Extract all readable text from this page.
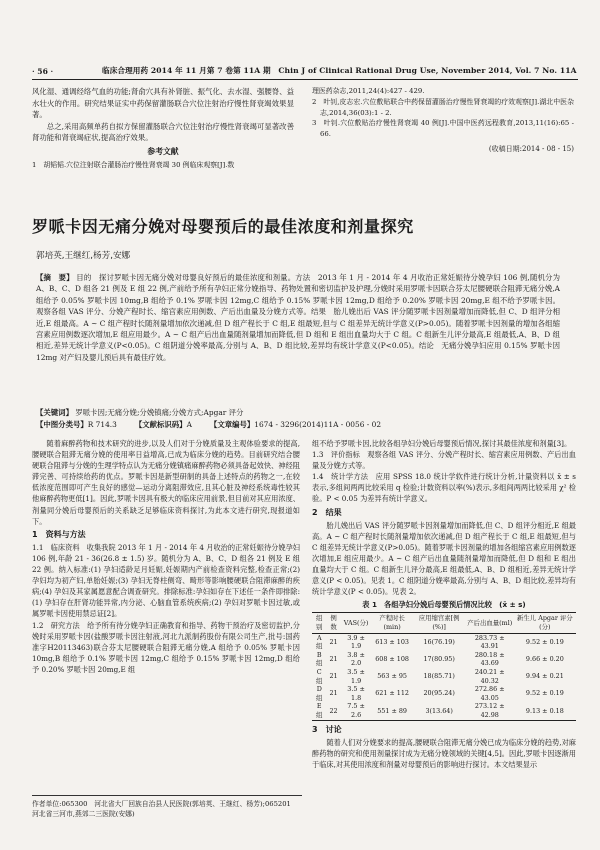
· 56 ·	临床合理用药 2014 年 11 月第 7 卷第 11A 期　Chin J of Clinical Rational Drug Use, November 2014, Vol. 7 No. 11A

风化湿、通调经络气血的功能;肾俞穴具有补肾脏、振气化、去水湿、强腰脊、益水壮火的作用。研究结果证实中药保留灌肠联合穴位注射治疗慢性肾衰竭效果显著。

总之,采用高频单药自拟方保留灌肠联合穴位注射治疗慢性肾衰竭可显著改善肾功能和肾衰竭症状,提高治疗效果。

参考文献
1　胡韬韬.穴位注射联合灌肠治疗慢性肾衰竭 30 例临床观察[J].数
理医药杂志,2011,24(4):427 - 429.
2　叶钊,皮志宏.穴位敷贴联合中药保留灌肠治疗慢性肾衰竭的疗效观察[J].湖北中医杂志,2014,36(03):1 - 2.
3　叶钊.穴位敷贴治疗慢性肾衰竭 40 例[J].中国中医药远程教育,2013,11(16):65 - 66.
(收稿日期:2014 - 08 - 15)
罗哌卡因无痛分娩对母婴预后的最佳浓度和剂量探究
郭培英,王继红,杨芳,安娜
【摘　要】 目的　探讨罗哌卡因无痛分娩对母婴良好预后的最佳浓度和剂量。方法　2013 年 1 月 - 2014 年 4 月收治正常妊娠待分娩孕妇 106 例,随机分为 A、B、C、D 组各 21 例及 E 组 22 例,产前给予所有孕妇正常分娩指导、药物处置和密切监护及护理,分娩时采用罗哌卡因联合芬太尼腰硬联合阻滞无痛分娩,A 组给予 0.05% 罗哌卡因 10mg,B 组给予 0.1% 罗哌卡因 12mg,C 组给予 0.15% 罗哌卡因 12mg,D 组给予 0.20% 罗哌卡因 20mg,E 组不给予罗哌卡因。观察各组 VAS 评分、分娩产程时长、缩宫素应用例数、产后出血量及分娩方式等。结果　胎儿娩出后 VAS 评分随罗哌卡因剂量增加而降低,但 C、D 组评分相近,E 组最高。A ~ C 组产程时长随剂量增加依次递减,但 D 组产程长于 C 组,E 组最短,但与 C 组差异无统计学意义(P>0.05)。随着罗哌卡因剂量的增加各组缩宫素应用例数逐次增加,E 组应用最少。A ~ C 组产后出血量随剂量增加而降低,但 D 组和 E 组出血量均大于 C 组。C 组新生儿评分最高,E 组最低,A、B、D 组相近,差异无统计学意义(P<0.05)。C 组阴道分娩率最高,分别与 A、B、D 组比较,差异均有统计学意义(P<0.05)。结论　无痛分娩孕妇应用 0.15% 罗哌卡因 12mg 对产妇及婴儿预后具有最佳疗效。
【关键词】 罗哌卡因;无痛分娩;分娩镇痛;分娩方式;Apgar 评分
【中图分类号】R 714.3 【文献标识码】A 【文章编号】1674 - 3296(2014)11A - 0056 - 02

随着麻醉药物和技术研究的进步,以及人们对于分娩质量及主观体验要求的提高,腰硬联合阻滞无痛分娩的使用率日益增高,已成为临床分娩的趋势。目前研究结合腰硬联合阻滞与分娩的生理学特点认为无痛分娩镇痛麻醉药物必须具备起效快、神经阻滞完善、可持续给药的优点。罗哌卡因是新型研制的具备上述特点的药物之一,在较低浓度范围即可产生良好的感觉—运动分离阻滞效应,且其心脏及神经系统毒性较其他麻醉药物更低[1]。因此,罗哌卡因具有极大的临床应用前景,但目前对其应用浓度、剂量同分娩后母婴预后的关系缺乏足够临床资料探讨,为此本文进行研究,现报道如下。

1　资料与方法

1.1　临床资料　收集我院 2013 年 1 月 - 2014 年 4 月收治的正常妊娠待分娩孕妇 106 例,年龄 21 - 36(26.8 ± 1.5) 岁。随机分为 A、B、C、D 组各 21 例及 E 组 22 例。纳入标准:(1) 孕妇适龄足月妊娠,妊娠期内产前检查资料完整,检查正常;(2) 孕妇均为初产妇,单胎妊娠;(3) 孕妇无脊柱侧弯、畸形等影响腰硬联合阻滞麻醉的疾病;(4) 孕妇及其家属愿意配合调查研究。排除标准:孕妇如存在下述任一条件即排除:(1) 孕妇存在肝肾功能异常,内分泌、心脑血管系统疾病;(2) 孕妇对罗哌卡因过敏,或属罗哌卡因使用禁忌证[2]。

1.2　研究方法　给予所有待分娩孕妇正确教育和指导、药物干预治疗及密切监护,分娩时采用罗哌卡因(盐酸罗哌卡因注射液,河北九派制药股份有限公司生产,批号:国药准字H20113463)联合芬太尼腰硬联合阻滞无痛分娩,A 组给予 0.05% 罗哌卡因 10mg,B 组给予 0.1% 罗哌卡因 12mg,C 组给予 0.15% 罗哌卡因 12mg,D 组给予 0.20% 罗哌卡因 20mg,E 组

组不给予罗哌卡因,比较各组孕妇分娩后母婴预后情况,探讨其最佳浓度和剂量[3]。

1.3　评价指标　观察各组 VAS 评分、分娩产程时长、缩宫素应用例数、产后出血量及分娩方式等。

1.4　统计学方法　应用 SPSS 18.0 统计学软件进行统计分析,计量资料以 x̄ ± s 表示,多组间两两比较采用 q 检验;计数资料以率(%)表示,多组间两两比较采用 χ² 检验。P < 0.05 为差异有统计学意义。

2　结果

胎儿娩出后 VAS 评分随罗哌卡因剂量增加而降低,但 C、D 组评分相近,E 组最高。A ~ C 组产程时长随剂量增加依次递减,但 D 组产程长于 C 组,E 组最短,但与 C 组差异无统计学意义(P>0.05)。随着罗哌卡因剂量的增加各组缩宫素应用例数逐次增加,E 组应用最少。A ~ C 组产后出血量随剂量增加而降低,但 D 组和 E 组出血量均大于 C 组。C 组新生儿评分最高,E 组最低,A、B、D 组相近,差异无统计学意义(P < 0.05)。见表 1。C 组阴道分娩率最高,分别与 A、B、D 组比较,差异均有统计学意义(P < 0.05)。见表 2。

表 1　各组孕妇分娩后母婴预后情况比较　(x̄ ± s)
组别	例数	VAS(分)	产程时长(min)	应用缩宫素[例(%)]	产后出血量(ml)	新生儿 Apgar 评分(分)
A 组	21	3.9 ± 1.9	613 ± 103	16(76.19)	283.73 ± 43.91	9.52 ± 0.19
B 组	21	3.8 ± 2.0	608 ± 108	17(80.95)	280.18 ± 43.69	9.66 ± 0.20
C 组	21	3.5 ± 1.9	563 ± 95	18(85.71)	240.21 ± 40.32	9.94 ± 0.21
D 组	21	3.5 ± 1.8	621 ± 112	20(95.24)	272.86 ± 43.05	9.52 ± 0.19
E 组	22	7.5 ± 2.6	551 ± 89	3(13.64)	273.12 ± 42.98	9.13 ± 0.18
3　讨论

随着人们对分娩要求的提高,腰硬联合阻滞无痛分娩已成为临床分娩的趋势,对麻醉药物的研究和使用剂量探讨成为无痛分娩领域的关键[4,5]。因此,罗哌卡因逐渐用于临床,对其使用浓度和剂量对母婴预后的影响进行探讨。本文结果显示

作者单位:065300　河北省大厂回族自治县人民医院(郭培英、王继红、杨芳);065201　河北省三河市,燕郊二三医院(安娜)
